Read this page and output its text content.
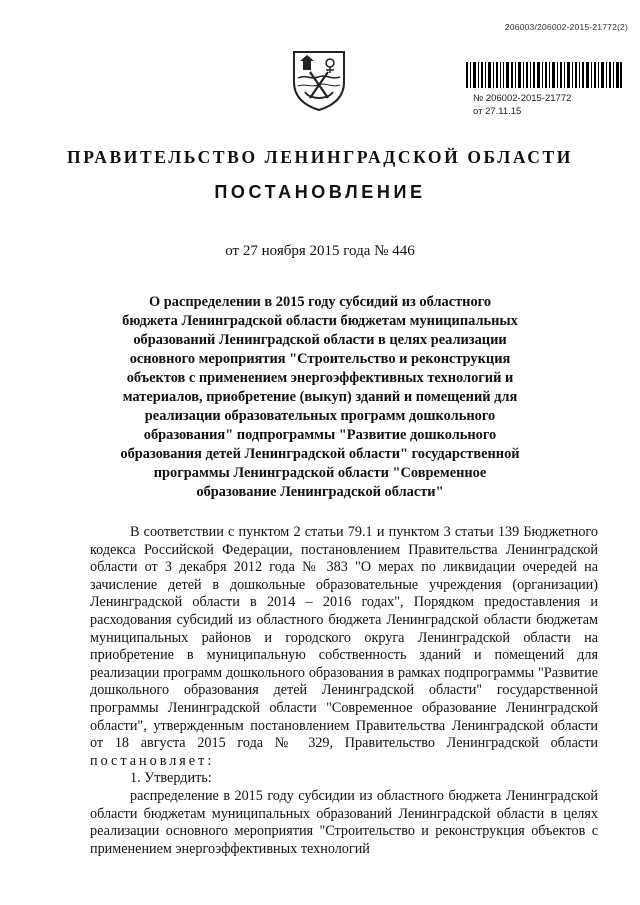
206003/206002-2015-21772(2)
№ 206002-2015-21772
от 27.11.15
ПРАВИТЕЛЬСТВО ЛЕНИНГРАДСКОЙ ОБЛАСТИ
ПОСТАНОВЛЕНИЕ
от 27 ноября 2015 года № 446
О распределении в 2015 году субсидий из областного бюджета Ленинградской области бюджетам муниципальных образований Ленинградской области в целях реализации основного мероприятия "Строительство и реконструкция объектов с применением энергоэффективных технологий и материалов, приобретение (выкуп) зданий и помещений для реализации образовательных программ дошкольного образования" подпрограммы "Развитие дошкольного образования детей Ленинградской области" государственной программы Ленинградской области "Современное образование Ленинградской области"

В соответствии с пунктом 2 статьи 79.1 и пунктом 3 статьи 139 Бюджетного кодекса Российской Федерации, постановлением Правительства Ленинградской области от 3 декабря 2012 года № 383 "О мерах по ликвидации очередей на зачисление детей в дошкольные образовательные учреждения (организации) Ленинградской области в 2014 – 2016 годах", Порядком предоставления и расходования субсидий из областного бюджета Ленинградской области бюджетам муниципальных районов и городского округа Ленинградской области на приобретение в муниципальную собственность зданий и помещений для реализации программ дошкольного образования в рамках подпрограммы "Развитие дошкольного образования детей Ленинградской области" государственной программы Ленинградской области "Современное образование Ленинградской области", утвержденным постановлением Правительства Ленинградской области от 18 августа 2015 года № 329, Правительство Ленинградской области постановляет:

1. Утвердить:

распределение в 2015 году субсидии из областного бюджета Ленинградской области бюджетам муниципальных образований Ленинградской области в целях реализации основного мероприятия "Строительство и реконструкция объектов с применением энергоэффективных технологий
